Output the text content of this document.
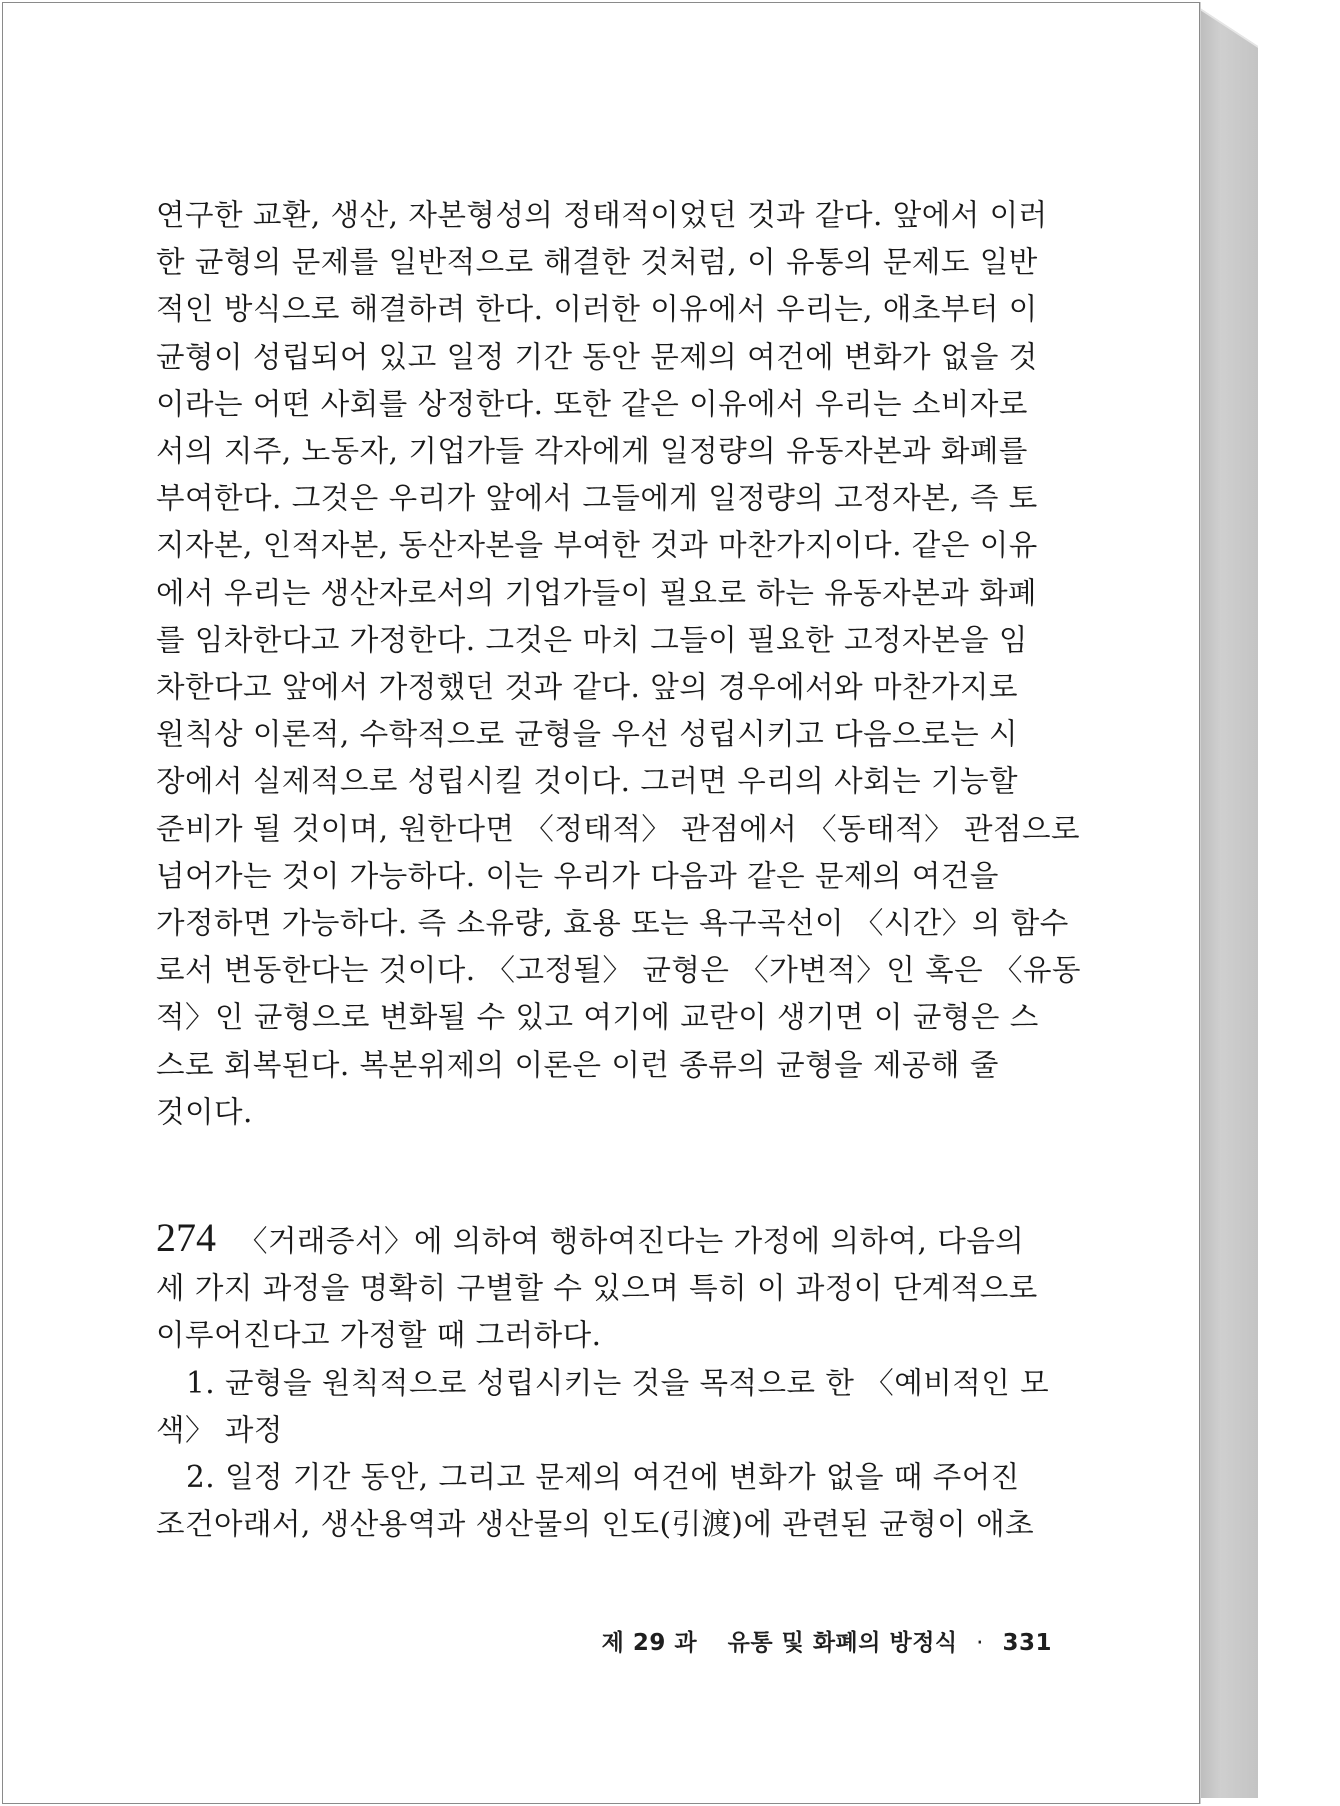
연구한 교환, 생산, 자본형성의 정태적이었던 것과 같다. 앞에서 이러
한 균형의 문제를 일반적으로 해결한 것처럼, 이 유통의 문제도 일반
적인 방식으로 해결하려 한다. 이러한 이유에서 우리는, 애초부터 이
균형이 성립되어 있고 일정 기간 동안 문제의 여건에 변화가 없을 것
이라는 어떤 사회를 상정한다. 또한 같은 이유에서 우리는 소비자로
서의 지주, 노동자, 기업가들 각자에게 일정량의 유동자본과 화폐를
부여한다. 그것은 우리가 앞에서 그들에게 일정량의 고정자본, 즉 토
지자본, 인적자본, 동산자본을 부여한 것과 마찬가지이다. 같은 이유
에서 우리는 생산자로서의 기업가들이 필요로 하는 유동자본과 화폐
를 임차한다고 가정한다. 그것은 마치 그들이 필요한 고정자본을 임
차한다고 앞에서 가정했던 것과 같다. 앞의 경우에서와 마찬가지로
원칙상 이론적, 수학적으로 균형을 우선 성립시키고 다음으로는 시
장에서 실제적으로 성립시킬 것이다. 그러면 우리의 사회는 기능할
준비가 될 것이며, 원한다면 〈정태적〉 관점에서 〈동태적〉 관점으로
넘어가는 것이 가능하다. 이는 우리가 다음과 같은 문제의 여건을
가정하면 가능하다. 즉 소유량, 효용 또는 욕구곡선이 〈시간〉의 함수
로서 변동한다는 것이다. 〈고정될〉 균형은 〈가변적〉인 혹은 〈유동
적〉인 균형으로 변화될 수 있고 여기에 교란이 생기면 이 균형은 스
스로 회복된다. 복본위제의 이론은 이런 종류의 균형을 제공해 줄
것이다.
274 〈거래증서〉에 의하여 행하여진다는 가정에 의하여, 다음의
세 가지 과정을 명확히 구별할 수 있으며 특히 이 과정이 단계적으로
이루어진다고 가정할 때 그러하다.
1. 균형을 원칙적으로 성립시키는 것을 목적으로 한 〈예비적인 모
색〉 과정
2. 일정 기간 동안, 그리고 문제의 여건에 변화가 없을 때 주어진
조건아래서, 생산용역과 생산물의 인도(引渡)에 관련된 균형이 애초
제 29 과 유통 및 화폐의 방정식 · 331
